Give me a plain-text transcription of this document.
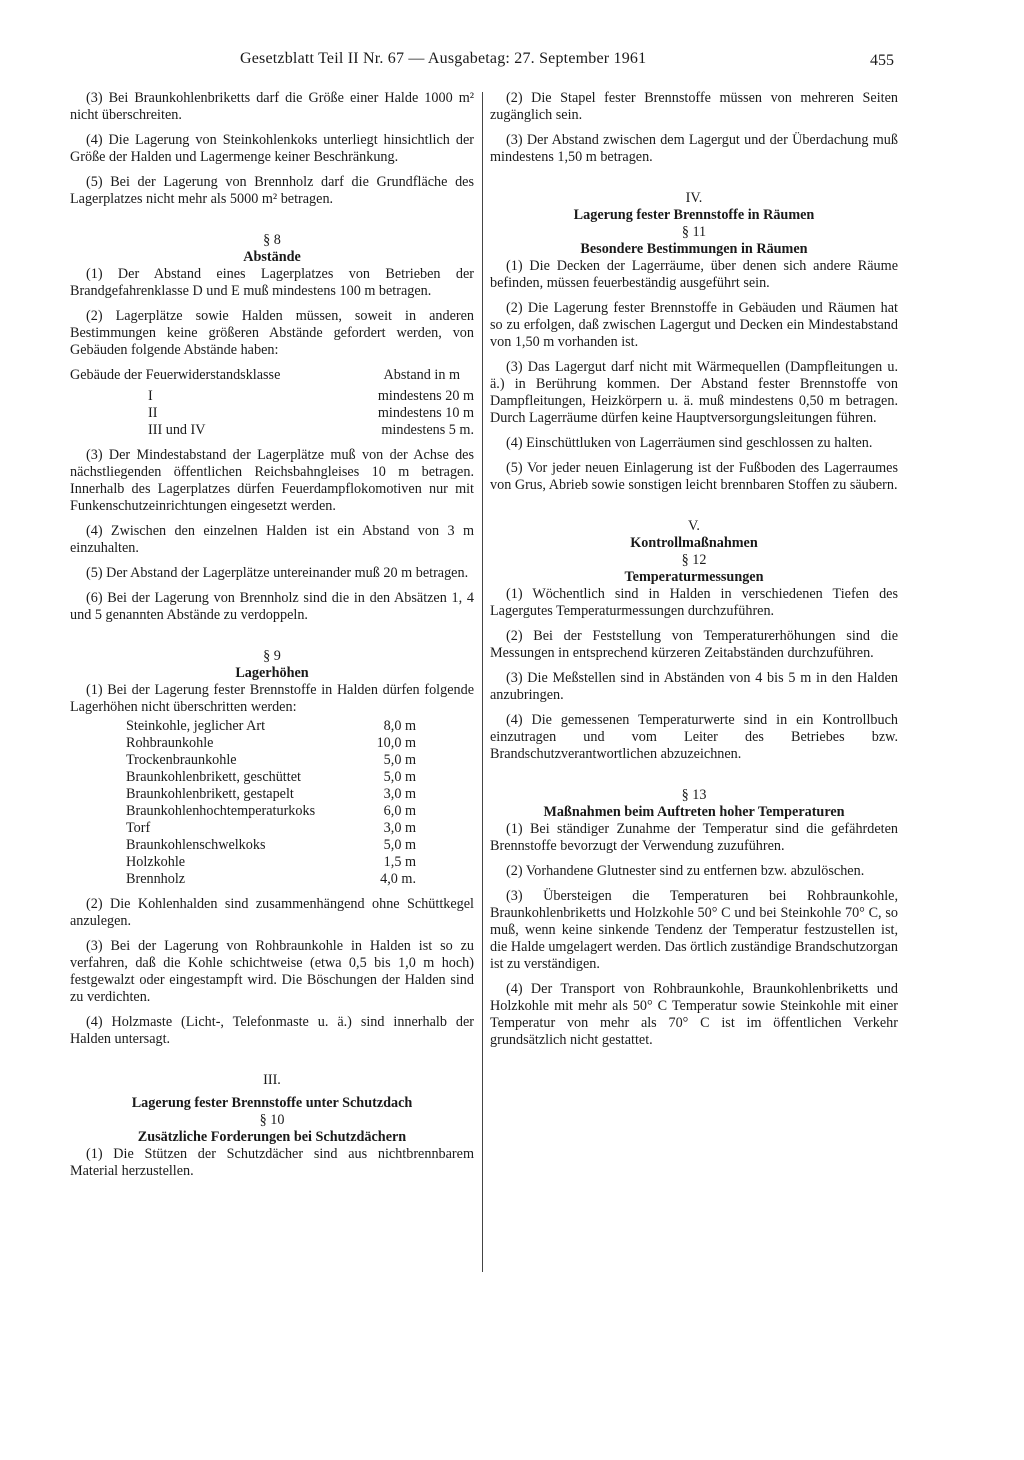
Gesetzblatt Teil II Nr. 67 — Ausgabetag: 27. September 1961	455

(3) Bei Braunkohlenbriketts darf die Größe einer Halde 1000 m² nicht überschreiten.

(4) Die Lagerung von Steinkohlenkoks unterliegt hinsichtlich der Größe der Halden und Lagermenge keiner Beschränkung.

(5) Bei der Lagerung von Brennholz darf die Grundfläche des Lagerplatzes nicht mehr als 5000 m² betragen.

§ 8
Abstände

(1) Der Abstand eines Lagerplatzes von Betrieben der Brandgefahrenklasse D und E muß mindestens 100 m betragen.

(2) Lagerplätze sowie Halden müssen, soweit in anderen Bestimmungen keine größeren Abstände gefordert werden, von Gebäuden folgende Abstände haben:

Gebäude der Feuerwiderstandsklasse	Abstand in m
I	mindestens 20 m
II	mindestens 10 m
III und IV	mindestens 5 m.

(3) Der Mindestabstand der Lagerplätze muß von der Achse des nächstliegenden öffentlichen Reichsbahngleises 10 m betragen. Innerhalb des Lagerplatzes dürfen Feuerdampflokomotiven nur mit Funkenschutzeinrichtungen eingesetzt werden.

(4) Zwischen den einzelnen Halden ist ein Abstand von 3 m einzuhalten.

(5) Der Abstand der Lagerplätze untereinander muß 20 m betragen.

(6) Bei der Lagerung von Brennholz sind die in den Absätzen 1, 4 und 5 genannten Abstände zu verdoppeln.

§ 9
Lagerhöhen

(1) Bei der Lagerung fester Brennstoffe in Halden dürfen folgende Lagerhöhen nicht überschritten werden:

Steinkohle, jeglicher Art	8,0 m
Rohbraunkohle	10,0 m
Trockenbraunkohle	5,0 m
Braunkohlenbrikett, geschüttet	5,0 m
Braunkohlenbrikett, gestapelt	3,0 m
Braunkohlenhochtemperaturkoks	6,0 m
Torf	3,0 m
Braunkohlenschwelkoks	5,0 m
Holzkohle	1,5 m
Brennholz	4,0 m.

(2) Die Kohlenhalden sind zusammenhängend ohne Schüttkegel anzulegen.

(3) Bei der Lagerung von Rohbraunkohle in Halden ist so zu verfahren, daß die Kohle schichtweise (etwa 0,5 bis 1,0 m hoch) festgewalzt oder eingestampft wird. Die Böschungen der Halden sind zu verdichten.

(4) Holzmaste (Licht-, Telefonmaste u. ä.) sind innerhalb der Halden untersagt.

III.
Lagerung fester Brennstoffe unter Schutzdach
§ 10
Zusätzliche Forderungen bei Schutzdächern

(1) Die Stützen der Schutzdächer sind aus nichtbrennbarem Material herzustellen.

(2) Die Stapel fester Brennstoffe müssen von mehreren Seiten zugänglich sein.

(3) Der Abstand zwischen dem Lagergut und der Überdachung muß mindestens 1,50 m betragen.

IV.
Lagerung fester Brennstoffe in Räumen
§ 11
Besondere Bestimmungen in Räumen

(1) Die Decken der Lagerräume, über denen sich andere Räume befinden, müssen feuerbeständig ausgeführt sein.

(2) Die Lagerung fester Brennstoffe in Gebäuden und Räumen hat so zu erfolgen, daß zwischen Lagergut und Decken ein Mindestabstand von 1,50 m vorhanden ist.

(3) Das Lagergut darf nicht mit Wärmequellen (Dampfleitungen u. ä.) in Berührung kommen. Der Abstand fester Brennstoffe von Dampfleitungen, Heizkörpern u. ä. muß mindestens 0,50 m betragen. Durch Lagerräume dürfen keine Hauptversorgungsleitungen führen.

(4) Einschüttluken von Lagerräumen sind geschlossen zu halten.

(5) Vor jeder neuen Einlagerung ist der Fußboden des Lagerraumes von Grus, Abrieb sowie sonstigen leicht brennbaren Stoffen zu säubern.

V.
Kontrollmaßnahmen
§ 12
Temperaturmessungen

(1) Wöchentlich sind in Halden in verschiedenen Tiefen des Lagergutes Temperaturmessungen durchzuführen.

(2) Bei der Feststellung von Temperaturerhöhungen sind die Messungen in entsprechend kürzeren Zeitabständen durchzuführen.

(3) Die Meßstellen sind in Abständen von 4 bis 5 m in den Halden anzubringen.

(4) Die gemessenen Temperaturwerte sind in ein Kontrollbuch einzutragen und vom Leiter des Betriebes bzw. Brandschutzverantwortlichen abzuzeichnen.

§ 13
Maßnahmen beim Auftreten hoher Temperaturen

(1) Bei ständiger Zunahme der Temperatur sind die gefährdeten Brennstoffe bevorzugt der Verwendung zuzuführen.

(2) Vorhandene Glutnester sind zu entfernen bzw. abzulöschen.

(3) Übersteigen die Temperaturen bei Rohbraunkohle, Braunkohlenbriketts und Holzkohle 50° C und bei Steinkohle 70° C, so muß, wenn keine sinkende Tendenz der Temperatur festzustellen ist, die Halde umgelagert werden. Das örtlich zuständige Brandschutzorgan ist zu verständigen.

(4) Der Transport von Rohbraunkohle, Braunkohlenbriketts und Holzkohle mit mehr als 50° C Temperatur sowie Steinkohle mit einer Temperatur von mehr als 70° C ist im öffentlichen Verkehr grundsätzlich nicht gestattet.
